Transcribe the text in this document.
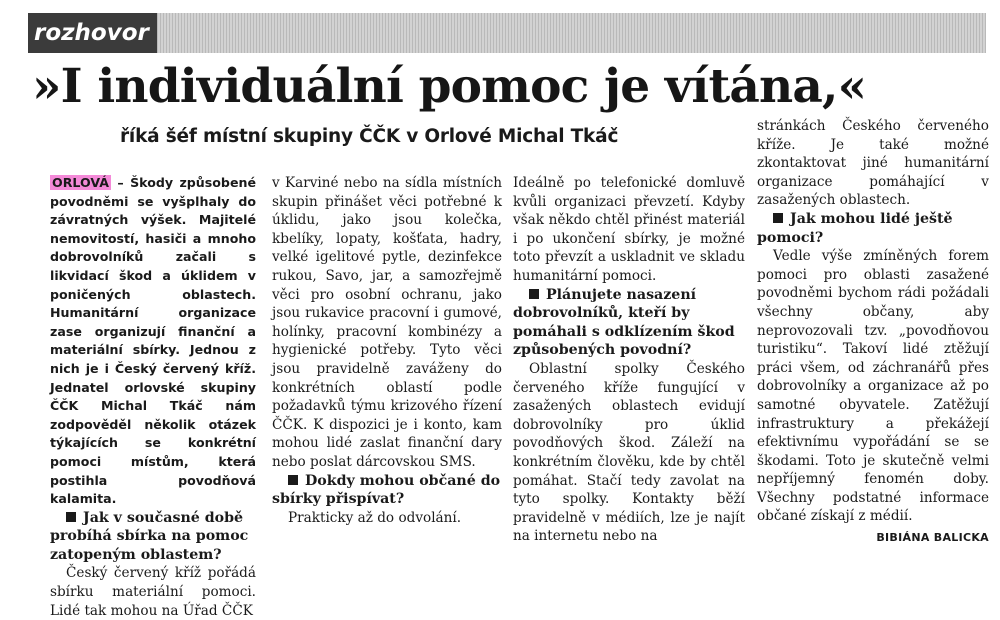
rozhovor
»I individuální pomoc je vítána,«
říká šéf místní skupiny ČČK v Orlové Michal Tkáč

ORLOVÁ – Škody způsobené povodněmi se vyšplhaly do závratných výšek. Majitelé nemovitostí, hasiči a mnoho dobrovolníků začali s likvidací škod a úklidem v poničených oblastech. Humanitární organizace zase organizují finanční a materiální sbírky. Jednou z nich je i Český červený kříž. Jednatel orlovské skupiny ČČK Michal Tkáč nám zodpověděl několik otázek týkajících se konkrétní pomoci místům, která postihla povodňová kalamita.

Jak v současné době probíhá sbírka na pomoc zatopeným oblastem?

Český červený kříž pořádá sbírku materiální pomoci. Lidé tak mohou na Úřad ČČK

v Karviné nebo na sídla místních skupin přinášet věci potřebné k úklidu, jako jsou kolečka, kbelíky, lopaty, košťata, hadry, velké igelitové pytle, dezinfekce rukou, Savo, jar, a samozřejmě věci pro osobní ochranu, jako jsou rukavice pracovní i gumové, holínky, pracovní kombinézy a hygienické potřeby. Tyto věci jsou pravidelně zaváženy do konkrétních oblastí podle požadavků týmu krizového řízení ČČK. K dispozici je i konto, kam mohou lidé zaslat finanční dary nebo poslat dárcovskou SMS.

Dokdy mohou občané do sbírky přispívat?

Prakticky až do odvolání.

Ideálně po telefonické domluvě kvůli organizaci převzetí. Kdyby však někdo chtěl přinést materiál i po ukončení sbírky, je možné toto převzít a uskladnit ve skladu humanitární pomoci.

Plánujete nasazení dobrovolníků, kteří by pomáhali s odklízením škod způsobených povodní?

Oblastní spolky Českého červeného kříže fungující v zasažených oblastech evidují dobrovolníky pro úklid povodňových škod. Záleží na konkrétním člověku, kde by chtěl pomáhat. Stačí tedy zavolat na tyto spolky. Kontakty běží pravidelně v médiích, lze je najít na internetu nebo na

stránkách Českého červeného kříže. Je také možné zkontaktovat jiné humanitární organizace pomáhající v zasažených oblastech.

Jak mohou lidé ještě pomoci?

Vedle výše zmíněných forem pomoci pro oblasti zasažené povodněmi bychom rádi požádali všechny občany, aby neprovozovali tzv. „povodňovou turistiku“. Takoví lidé ztěžují práci všem, od záchranářů přes dobrovolníky a organizace až po samotné obyvatele. Zatěžují infrastruktury a překážejí efektivnímu vypořádání se se škodami. Toto je skutečně velmi nepříjemný fenomén doby. Všechny podstatné informace občané získají z médií.
BIBIÁNA BALICKA
